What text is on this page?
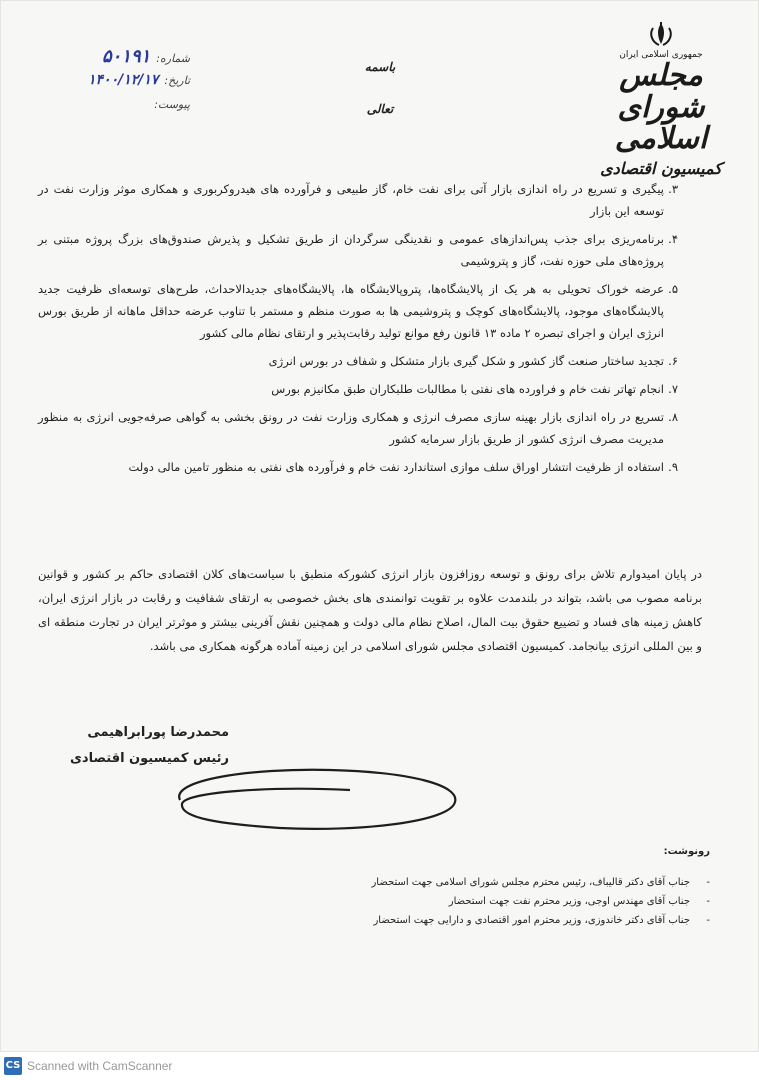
جمهوری اسلامی ایران
مجلس شورای اسلامی
کمیسیون اقتصادی
باسمه تعالی
شماره:
۵۰۱۹۱
تاریخ:
۱۴۰۰/۱۲/۱۷
پیوست:
۳.
پیگیری و تسریع در راه اندازی بازار آتی برای نفت خام، گاز طبیعی و فرآورده های هیدروکربوری و همکاری موثر وزارت نفت در توسعه این بازار
۴.
برنامه‌ریزی برای جذب پس‌اندازهای عمومی و نقدینگی سرگردان از طریق تشکیل و پذیرش صندوق‌های بزرگ پروژه مبتنی بر پروژه‌های ملی حوزه نفت، گاز و پتروشیمی
۵.
عرضه خوراک تحویلی به هر یک از پالایشگاه‌ها، پتروپالایشگاه ها، پالایشگاه‌های جدیدالاحداث، طرح‌های توسعه‌ای ظرفیت جدید پالایشگاه‌های موجود، پالایشگاه‌های کوچک و پتروشیمی ها به صورت منظم و مستمر با تناوب عرضه حداقل ماهانه از طریق بورس انرژی ایران و اجرای تبصره ۲ ماده ۱۳ قانون رفع موانع تولید رقابت‌پذیر و ارتقای نظام مالی کشور
۶.
تجدید ساختار صنعت گاز کشور و شکل گیری بازار متشکل و شفاف در بورس انرژی
۷.
انجام تهاتر نفت خام و فراورده های نفتی با مطالبات طلبکاران طبق مکانیزم بورس
۸.
تسریع در راه اندازی بازار بهینه سازی مصرف انرژی و همکاری وزارت نفت در رونق بخشی به گواهی صرفه‌جویی انرژی به منظور مدیریت مصرف انرژی کشور از طریق بازار سرمایه کشور
۹.
استفاده از ظرفیت انتشار اوراق سلف موازی استاندارد نفت خام و فرآورده های نفتی به منظور تامین مالی دولت
در پایان امیدوارم تلاش برای رونق و توسعه روزافزون بازار انرژی کشورکه منطبق با سیاست‌های کلان اقتصادی حاکم بر کشور و قوانین برنامه مصوب می باشد، بتواند در بلندمدت علاوه بر تقویت توانمندی های بخش خصوصی به ارتقای شفافیت و رقابت در بازار انرژی ایران، کاهش زمینه های فساد و تضییع حقوق بیت المال، اصلاح نظام مالی دولت و همچنین نقش آفرینی بیشتر و موثرتر ایران در تجارت منطقه ای و بین المللی انرژی بیانجامد. کمیسیون اقتصادی مجلس شورای اسلامی در این زمینه آماده هرگونه همکاری می باشد.
محمدرضا پورابراهیمی
رئیس کمیسیون اقتصادی
رونوشت:
-
جناب آقای دکتر قالیباف، رئیس محترم مجلس شورای اسلامی جهت استحضار
-
جناب آقای مهندس اوجی، وزیر محترم نفت جهت استحضار
-
جناب آقای دکتر خاندوزی، وزیر محترم امور اقتصادی و دارایی جهت استحضار
CS Scanned with CamScanner
